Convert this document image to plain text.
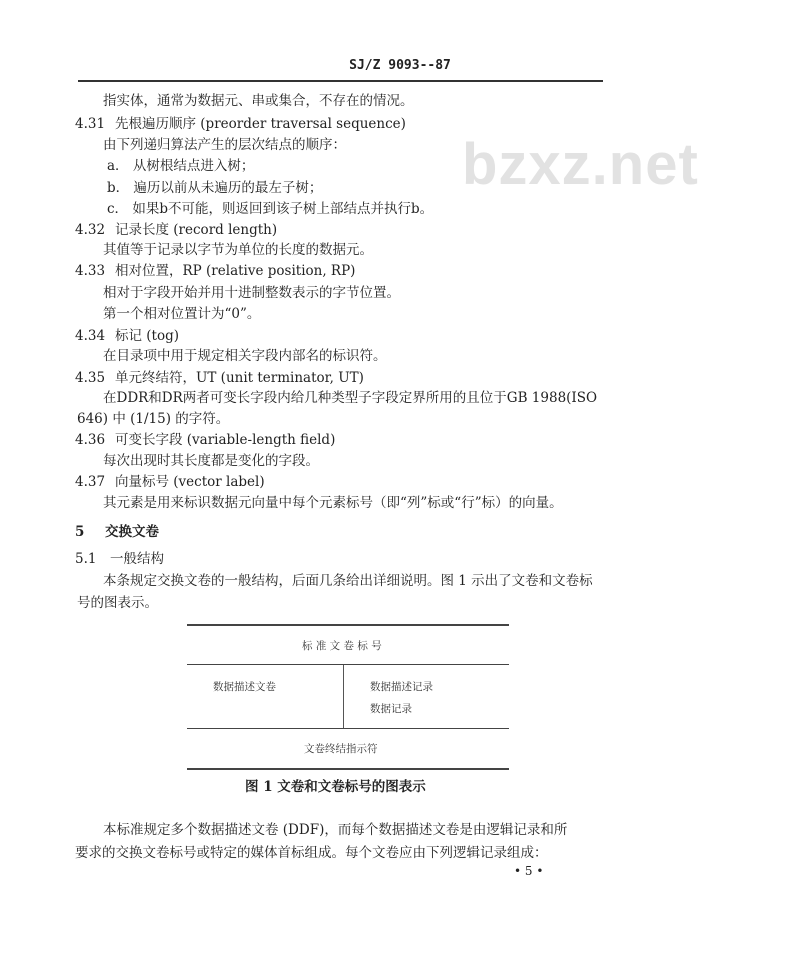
SJ/Z 9093--87
bzxz.net
指实体，通常为数据元、串或集合，不存在的情况。
4.31 先根遍历顺序 (preorder traversal sequence)
由下列递归算法产生的层次结点的顺序：
a． 从树根结点进入树；
b． 遍历以前从未遍历的最左子树；
c． 如果b不可能，则返回到该子树上部结点并执行b。
4.32 记录长度 (record length)
其值等于记录以字节为单位的长度的数据元。
4.33 相对位置，RP (relative position, RP)
相对于字段开始并用十进制整数表示的字节位置。
第一个相对位置计为“0”。
4.34 标记 (tog)
在目录项中用于规定相关字段内部名的标识符。
4.35 单元终结符，UT (unit terminator, UT)
在DDR和DR两者可变长字段内给几种类型子字段定界所用的且位于GB 1988(ISO
646) 中 (1/15) 的字符。
4.36 可变长字段 (variable-length field)
每次出现时其长度都是变化的字段。
4.37 向量标号 (vector label)
其元素是用来标识数据元向量中每个元素标号（即“列”标或“行”标）的向量。
5 交换文卷
5.1 一般结构
本条规定交换文卷的一般结构，后面几条给出详细说明。图 1 示出了文卷和文卷标
号的图表示。
标 准 文 卷 标 号
数据描述文卷	数据描述记录
数据记录
文卷终结指示符
图 1 文卷和文卷标号的图表示
本标准规定多个数据描述文卷 (DDF)，而每个数据描述文卷是由逻辑记录和所
要求的交换文卷标号或特定的媒体首标组成。每个文卷应由下列逻辑记录组成：
• 5 •
